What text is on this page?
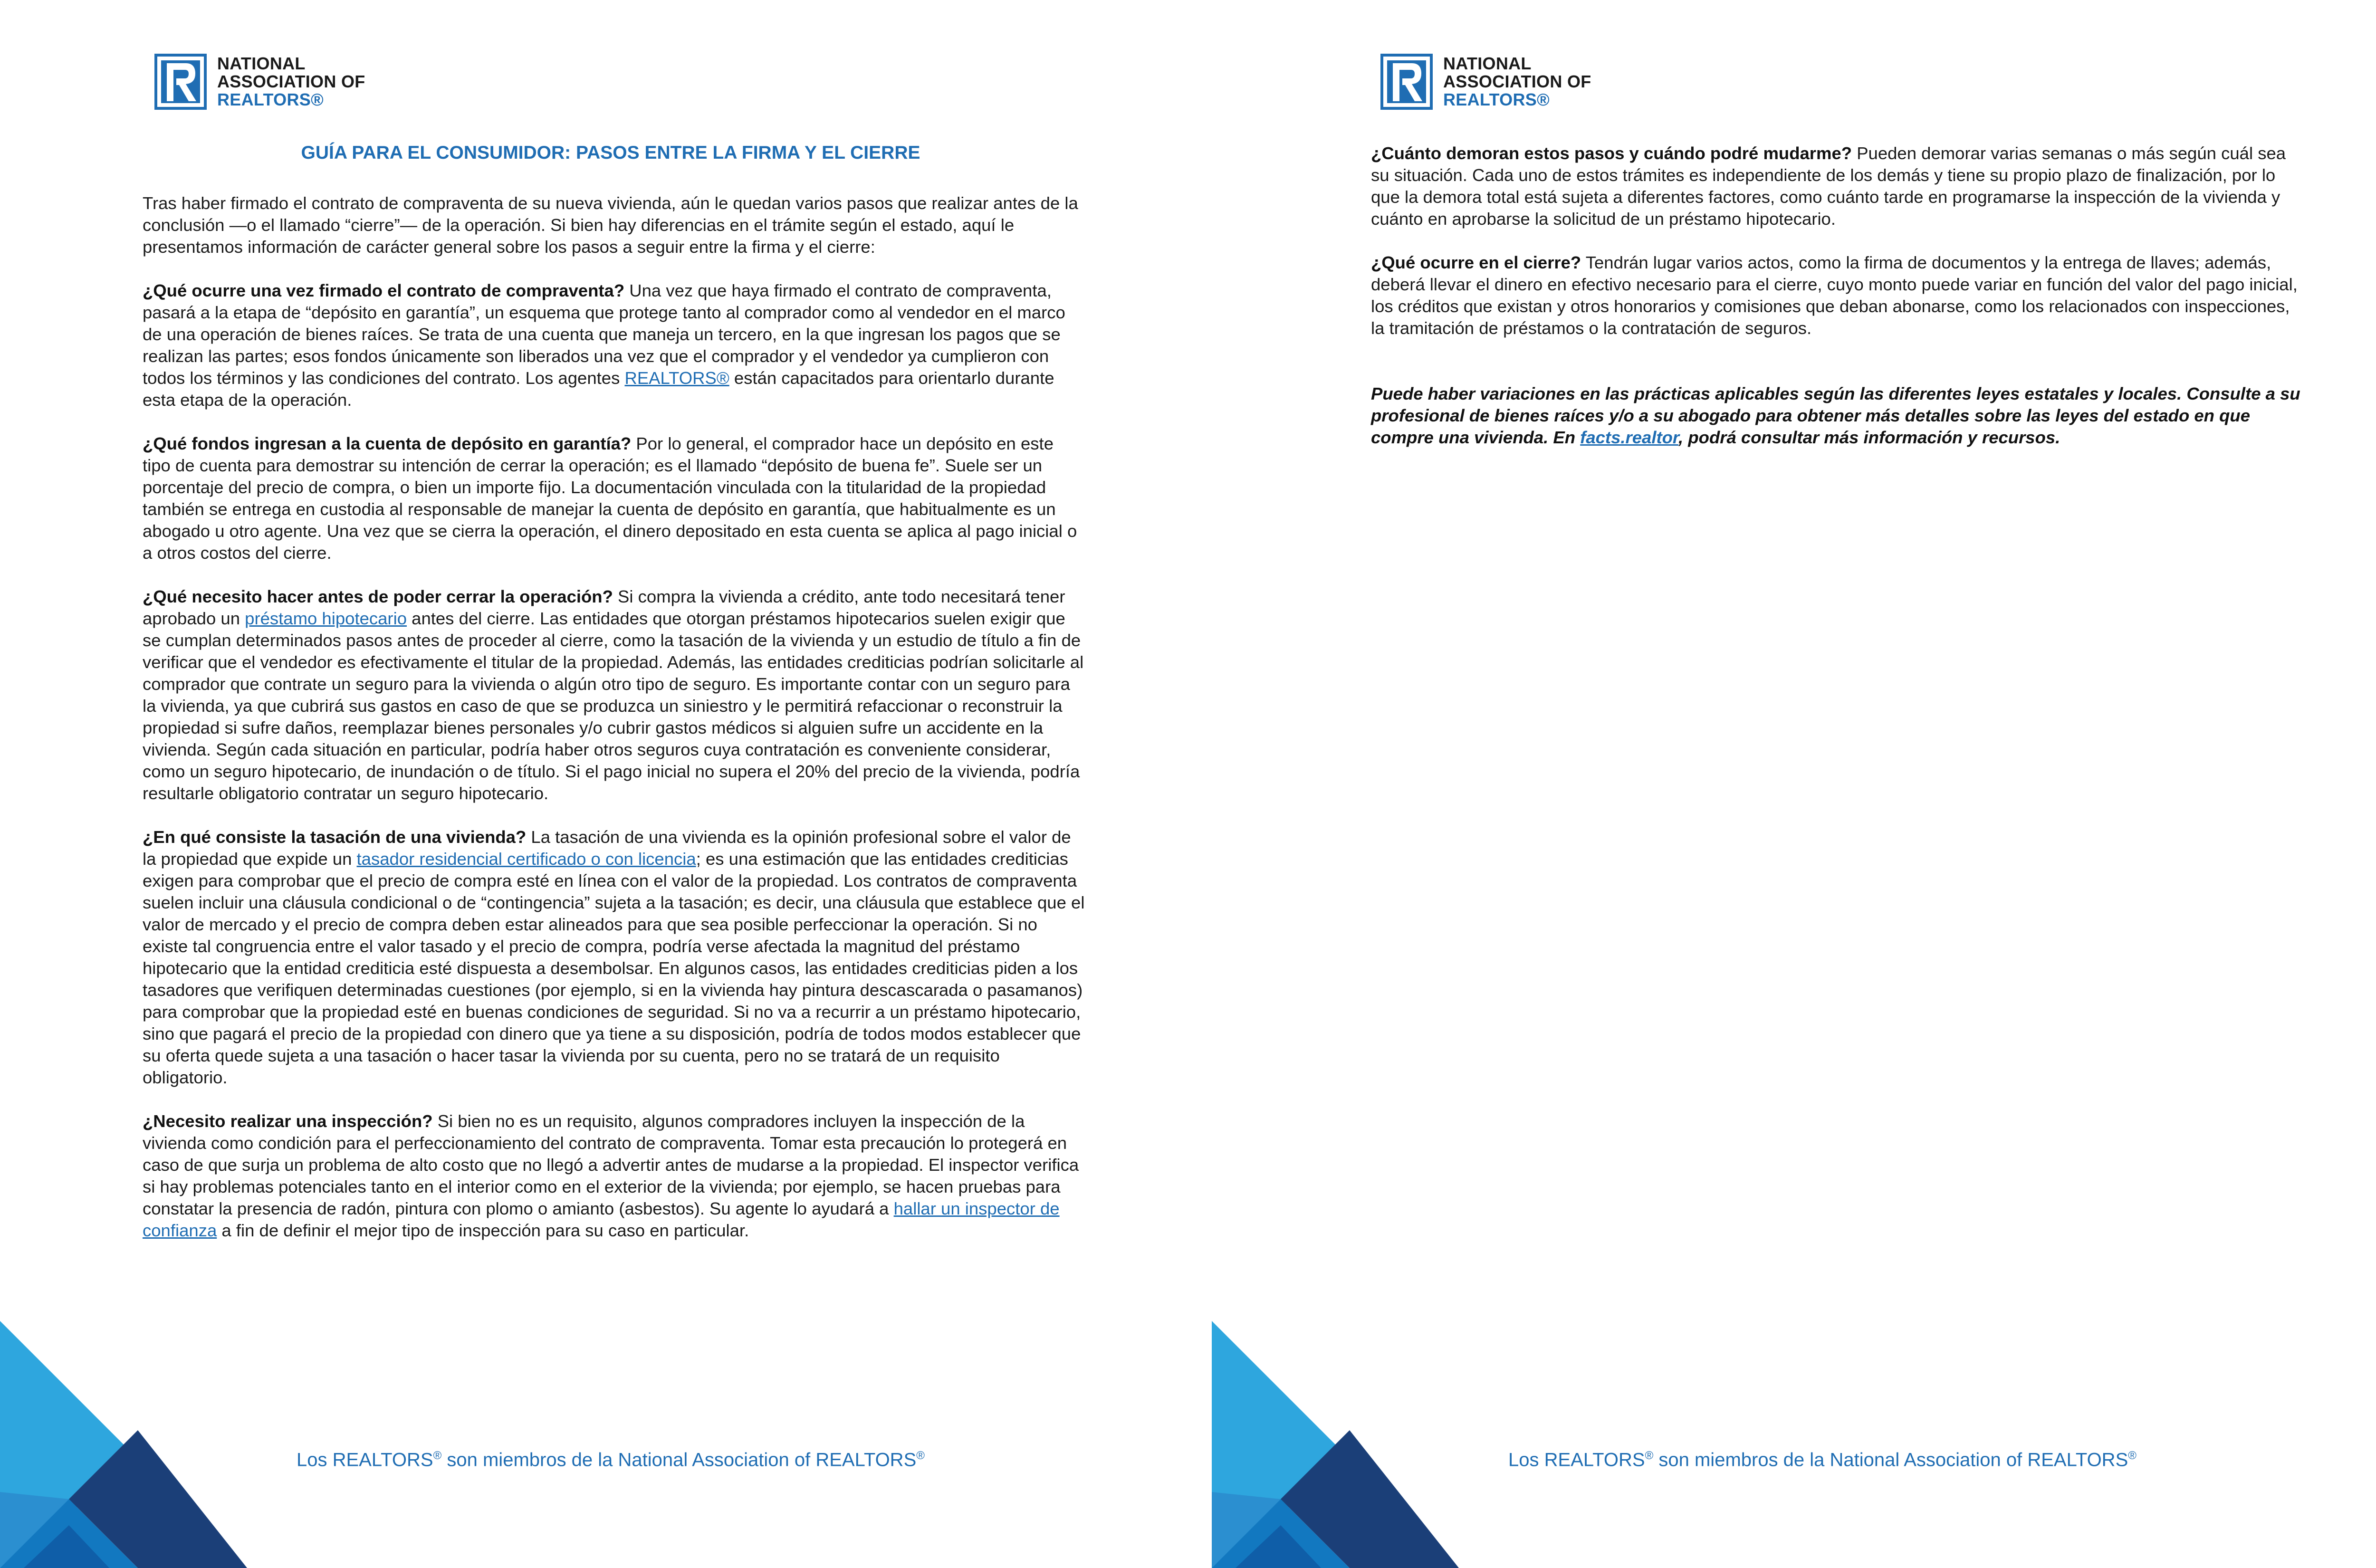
NATIONAL
ASSOCIATION OF
REALTORS®
GUÍA PARA EL CONSUMIDOR: PASOS ENTRE LA FIRMA Y EL CIERRE

Tras haber firmado el contrato de compraventa de su nueva vivienda, aún le quedan varios pasos que realizar antes de la conclusión —o el llamado “cierre”— de la operación. Si bien hay diferencias en el trámite según el estado, aquí le presentamos información de carácter general sobre los pasos a seguir entre la firma y el cierre:

¿Qué ocurre una vez firmado el contrato de compraventa? Una vez que haya firmado el contrato de compraventa, pasará a la etapa de “depósito en garantía”, un esquema que protege tanto al comprador como al vendedor en el marco de una operación de bienes raíces. Se trata de una cuenta que maneja un tercero, en la que ingresan los pagos que se realizan las partes; esos fondos únicamente son liberados una vez que el comprador y el vendedor ya cumplieron con todos los términos y las condiciones del contrato. Los agentes REALTORS® están capacitados para orientarlo durante esta etapa de la operación.

¿Qué fondos ingresan a la cuenta de depósito en garantía? Por lo general, el comprador hace un depósito en este tipo de cuenta para demostrar su intención de cerrar la operación; es el llamado “depósito de buena fe”. Suele ser un porcentaje del precio de compra, o bien un importe fijo. La documentación vinculada con la titularidad de la propiedad también se entrega en custodia al responsable de manejar la cuenta de depósito en garantía, que habitualmente es un abogado u otro agente. Una vez que se cierra la operación, el dinero depositado en esta cuenta se aplica al pago inicial o a otros costos del cierre.

¿Qué necesito hacer antes de poder cerrar la operación? Si compra la vivienda a crédito, ante todo necesitará tener aprobado un préstamo hipotecario antes del cierre. Las entidades que otorgan préstamos hipotecarios suelen exigir que se cumplan determinados pasos antes de proceder al cierre, como la tasación de la vivienda y un estudio de título a fin de verificar que el vendedor es efectivamente el titular de la propiedad. Además, las entidades crediticias podrían solicitarle al comprador que contrate un seguro para la vivienda o algún otro tipo de seguro. Es importante contar con un seguro para la vivienda, ya que cubrirá sus gastos en caso de que se produzca un siniestro y le permitirá refaccionar o reconstruir la propiedad si sufre daños, reemplazar bienes personales y/o cubrir gastos médicos si alguien sufre un accidente en la vivienda. Según cada situación en particular, podría haber otros seguros cuya contratación es conveniente considerar, como un seguro hipotecario, de inundación o de título. Si el pago inicial no supera el 20% del precio de la vivienda, podría resultarle obligatorio contratar un seguro hipotecario.

¿En qué consiste la tasación de una vivienda? La tasación de una vivienda es la opinión profesional sobre el valor de la propiedad que expide un tasador residencial certificado o con licencia; es una estimación que las entidades crediticias exigen para comprobar que el precio de compra esté en línea con el valor de la propiedad. Los contratos de compraventa suelen incluir una cláusula condicional o de “contingencia” sujeta a la tasación; es decir, una cláusula que establece que el valor de mercado y el precio de compra deben estar alineados para que sea posible perfeccionar la operación. Si no existe tal congruencia entre el valor tasado y el precio de compra, podría verse afectada la magnitud del préstamo hipotecario que la entidad crediticia esté dispuesta a desembolsar. En algunos casos, las entidades crediticias piden a los tasadores que verifiquen determinadas cuestiones (por ejemplo, si en la vivienda hay pintura descascarada o pasamanos) para comprobar que la propiedad esté en buenas condiciones de seguridad. Si no va a recurrir a un préstamo hipotecario, sino que pagará el precio de la propiedad con dinero que ya tiene a su disposición, podría de todos modos establecer que su oferta quede sujeta a una tasación o hacer tasar la vivienda por su cuenta, pero no se tratará de un requisito obligatorio.

¿Necesito realizar una inspección? Si bien no es un requisito, algunos compradores incluyen la inspección de la vivienda como condición para el perfeccionamiento del contrato de compraventa. Tomar esta precaución lo protegerá en caso de que surja un problema de alto costo que no llegó a advertir antes de mudarse a la propiedad. El inspector verifica si hay problemas potenciales tanto en el interior como en el exterior de la vivienda; por ejemplo, se hacen pruebas para constatar la presencia de radón, pintura con plomo o amianto (asbestos). Su agente lo ayudará a hallar un inspector de confianza a fin de definir el mejor tipo de inspección para su caso en particular.

Los REALTORS® son miembros de la National Association of REALTORS®
NATIONAL
ASSOCIATION OF
REALTORS®

¿Cuánto demoran estos pasos y cuándo podré mudarme? Pueden demorar varias semanas o más según cuál sea su situación. Cada uno de estos trámites es independiente de los demás y tiene su propio plazo de finalización, por lo que la demora total está sujeta a diferentes factores, como cuánto tarde en programarse la inspección de la vivienda y cuánto en aprobarse la solicitud de un préstamo hipotecario.

¿Qué ocurre en el cierre? Tendrán lugar varios actos, como la firma de documentos y la entrega de llaves; además, deberá llevar el dinero en efectivo necesario para el cierre, cuyo monto puede variar en función del valor del pago inicial, los créditos que existan y otros honorarios y comisiones que deban abonarse, como los relacionados con inspecciones, la tramitación de préstamos o la contratación de seguros.

Puede haber variaciones en las prácticas aplicables según las diferentes leyes estatales y locales. Consulte a su profesional de bienes raíces y/o a su abogado para obtener más detalles sobre las leyes del estado en que compre una vivienda. En facts.realtor, podrá consultar más información y recursos.

Los REALTORS® son miembros de la National Association of REALTORS®
